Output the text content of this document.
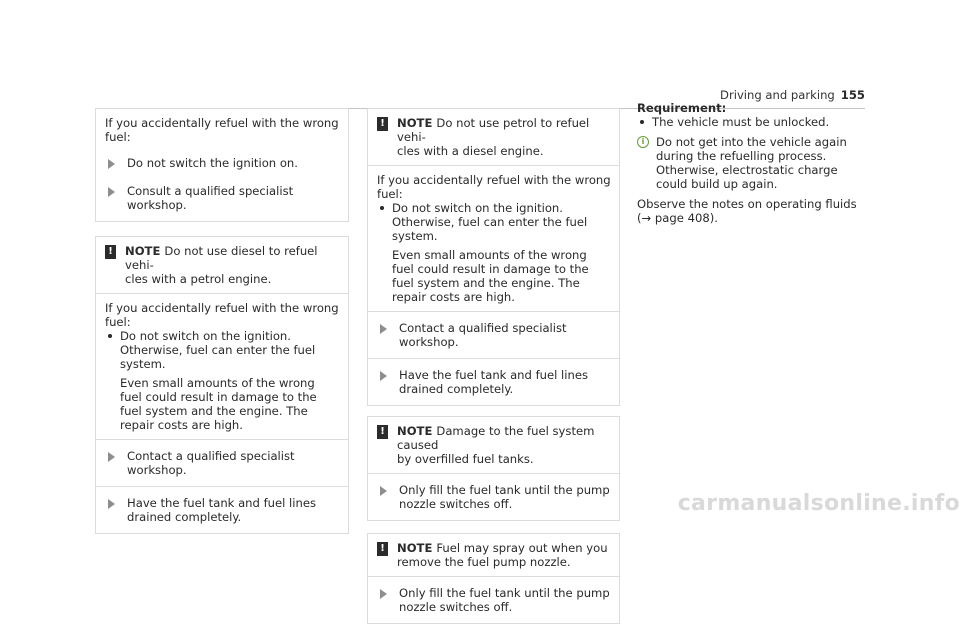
Driving and parking 155

If you accidentally refuel with the wrong fuel:

Do not switch the ignition on.
Consult a qualified specialist workshop.
! NOTE Do not use diesel to refuel vehi-
cles with a petrol engine.

If you accidentally refuel with the wrong fuel:

Do not switch on the ignition. Otherwise, fuel can enter the fuel system.

Even small amounts of the wrong fuel could result in damage to the fuel system and the engine. The repair costs are high.

Contact a qualified specialist workshop.
Have the fuel tank and fuel lines drained completely.
! NOTE Do not use petrol to refuel vehi-
cles with a diesel engine.

If you accidentally refuel with the wrong fuel:

Do not switch on the ignition. Otherwise, fuel can enter the fuel system.

Even small amounts of the wrong fuel could result in damage to the fuel system and the engine. The repair costs are high.

Contact a qualified specialist workshop.
Have the fuel tank and fuel lines drained completely.
! NOTE Damage to the fuel system caused
by overfilled fuel tanks.
Only fill the fuel tank until the pump nozzle switches off.
! NOTE Fuel may spray out when you
remove the fuel pump nozzle.
Only fill the fuel tank until the pump nozzle switches off.

Requirement:

The vehicle must be unlocked.
i	Do not get into the vehicle again during the refuelling process. Otherwise, electrostatic charge could build up again.

Observe the notes on operating fluids

(→ page 408).

carmanualsonline.info
